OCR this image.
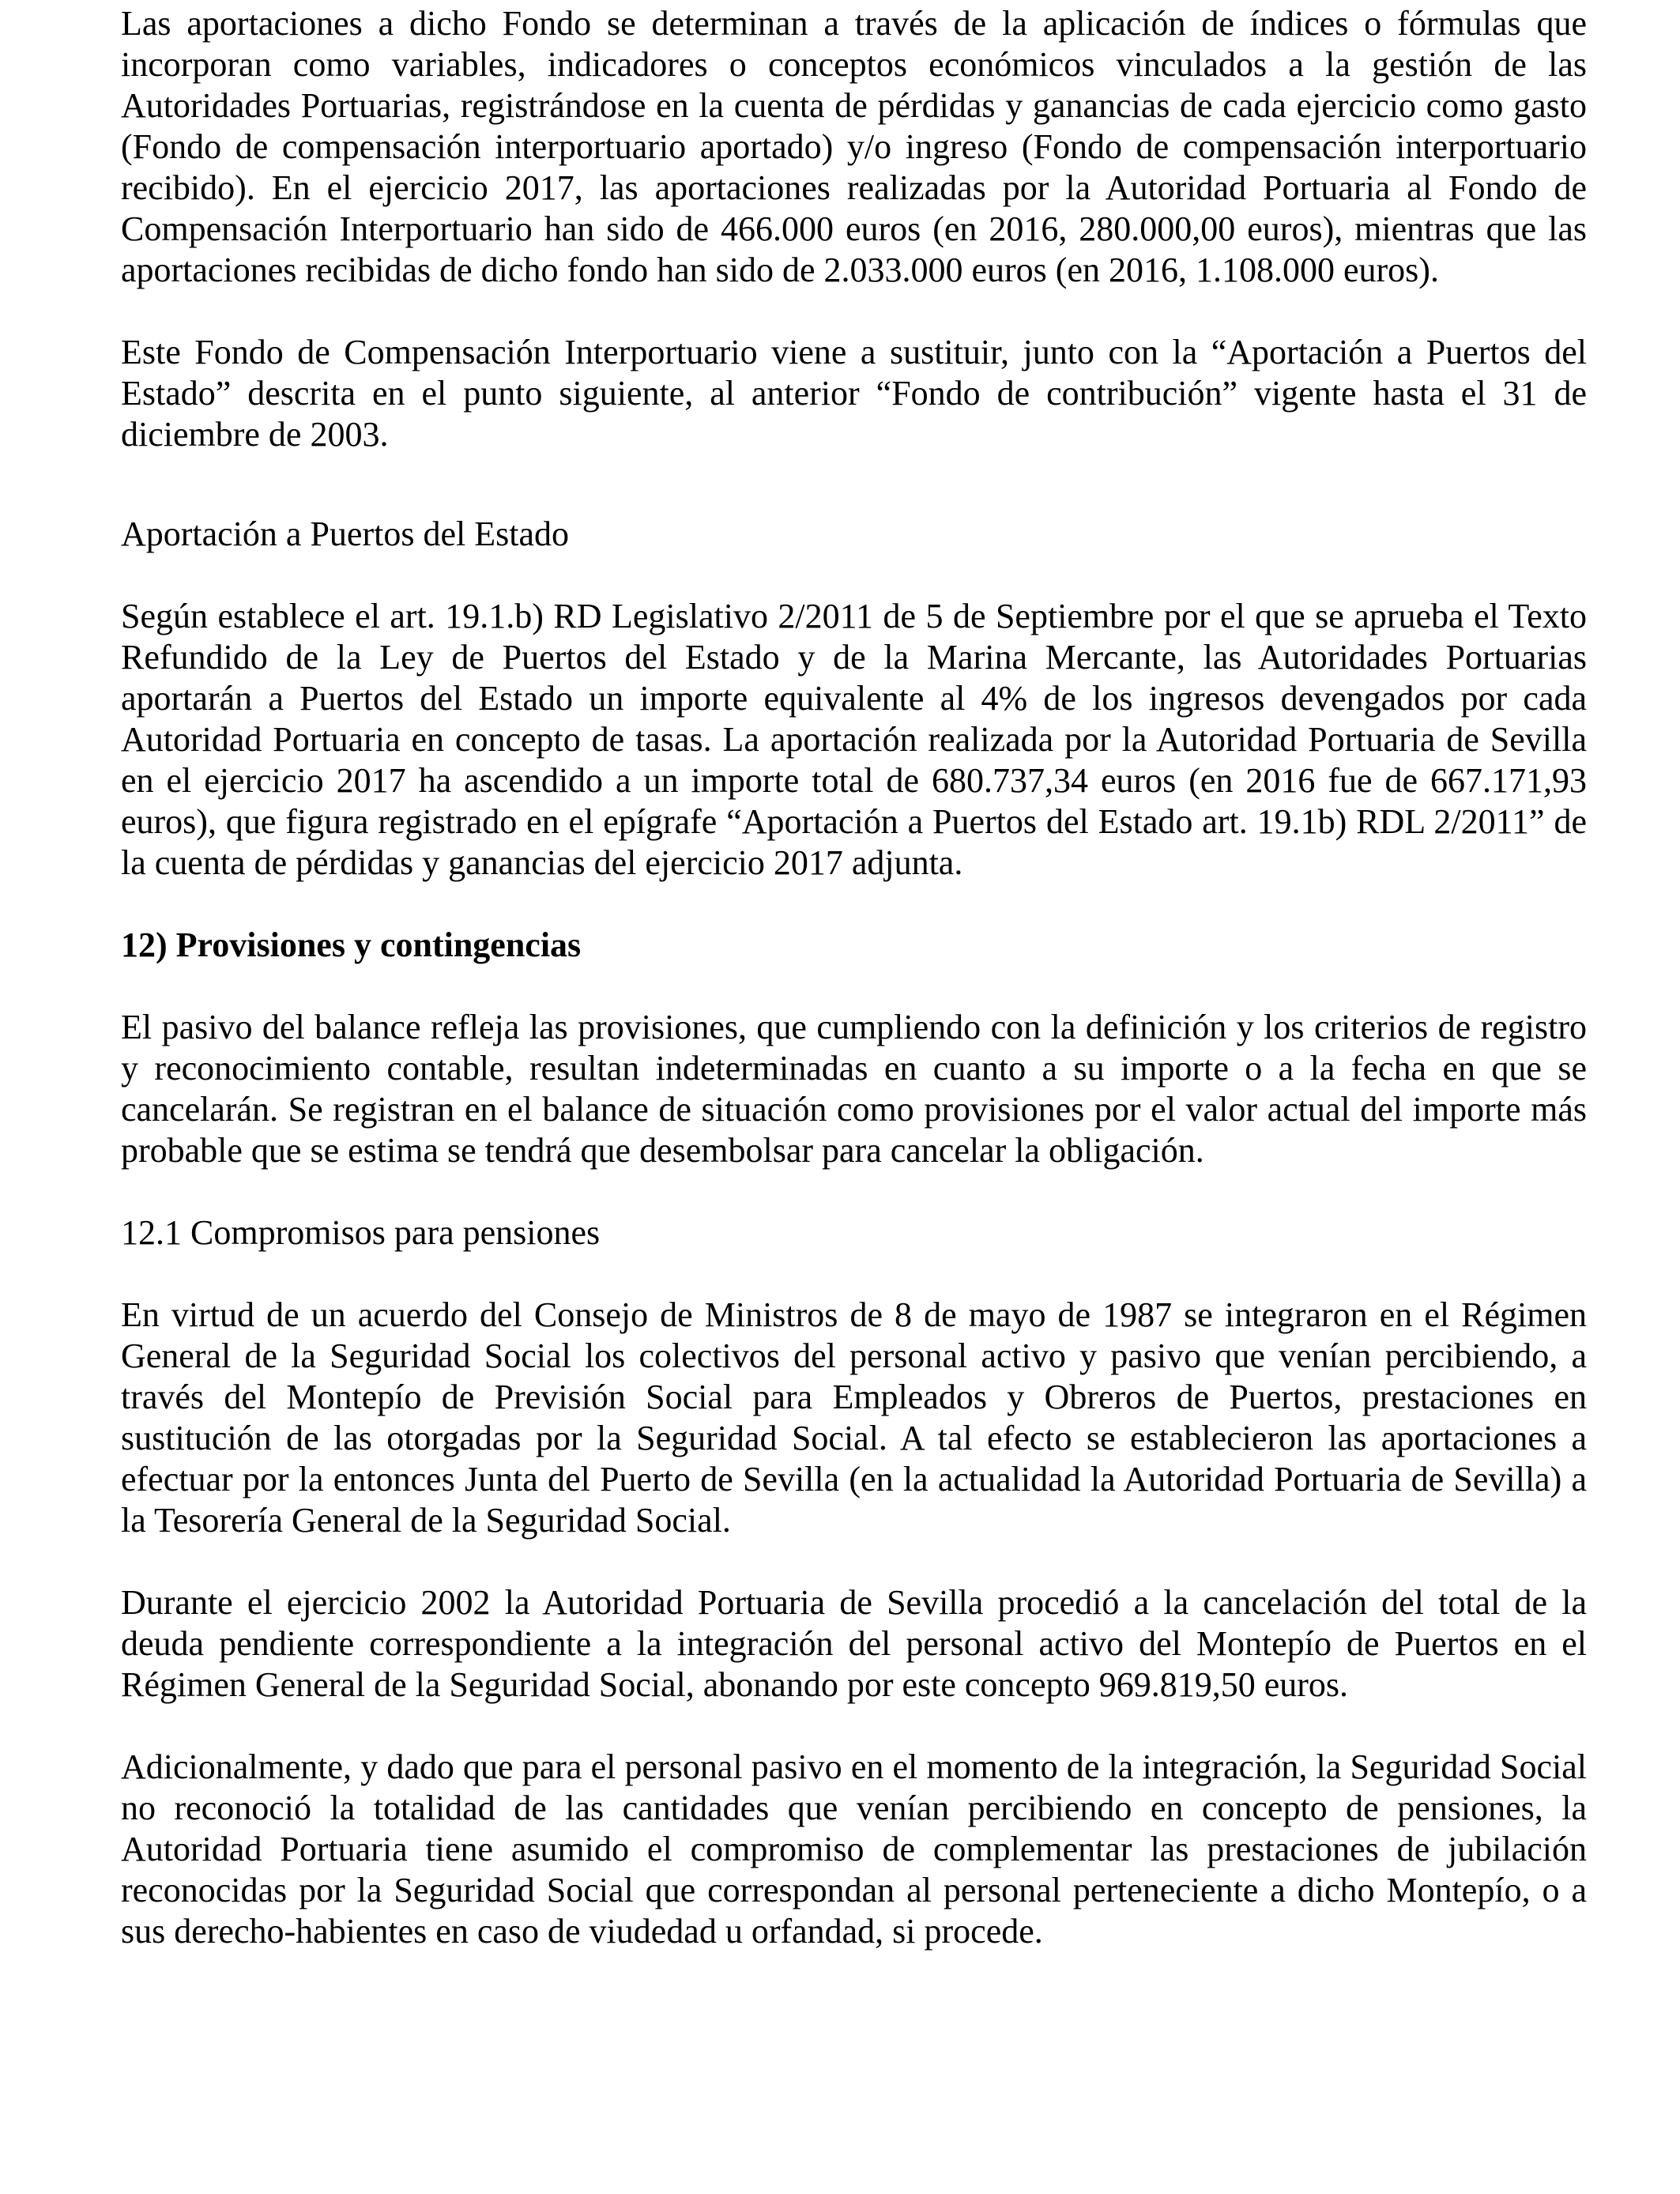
Las aportaciones a dicho Fondo se determinan a través de la aplicación de índices o fórmulas que incorporan como variables, indicadores o conceptos económicos vinculados a la gestión de las Autoridades Portuarias, registrándose en la cuenta de pérdidas y ganancias de cada ejercicio como gasto (Fondo de compensación interportuario aportado) y/o ingreso (Fondo de compensación interportuario recibido). En el ejercicio 2017, las aportaciones realizadas por la Autoridad Portuaria al Fondo de Compensación Interportuario han sido de 466.000 euros (en 2016, 280.000,00 euros), mientras que las aportaciones recibidas de dicho fondo han sido de 2.033.000 euros (en 2016, 1.108.000 euros).

Este Fondo de Compensación Interportuario viene a sustituir, junto con la “Aportación a Puertos del Estado” descrita en el punto siguiente, al anterior “Fondo de contribución” vigente hasta el 31 de diciembre de 2003.

Aportación a Puertos del Estado

Según establece el art. 19.1.b) RD Legislativo 2/2011 de 5 de Septiembre por el que se aprueba el Texto Refundido de la Ley de Puertos del Estado y de la Marina Mercante, las Autoridades Portuarias aportarán a Puertos del Estado un importe equivalente al 4% de los ingresos devengados por cada Autoridad Portuaria en concepto de tasas. La aportación realizada por la Autoridad Portuaria de Sevilla en el ejercicio 2017 ha ascendido a un importe total de 680.737,34 euros (en 2016 fue de 667.171,93 euros), que figura registrado en el epígrafe “Aportación a Puertos del Estado art. 19.1b) RDL 2/2011” de la cuenta de pérdidas y ganancias del ejercicio 2017 adjunta.

12) Provisiones y contingencias

El pasivo del balance refleja las provisiones, que cumpliendo con la definición y los criterios de registro y reconocimiento contable, resultan indeterminadas en cuanto a su importe o a la fecha en que se cancelarán. Se registran en el balance de situación como provisiones por el valor actual del importe más probable que se estima se tendrá que desembolsar para cancelar la obligación.

12.1 Compromisos para pensiones

En virtud de un acuerdo del Consejo de Ministros de 8 de mayo de 1987 se integraron en el Régimen General de la Seguridad Social los colectivos del personal activo y pasivo que venían percibiendo, a través del Montepío de Previsión Social para Empleados y Obreros de Puertos, prestaciones en sustitución de las otorgadas por la Seguridad Social. A tal efecto se establecieron las aportaciones a efectuar por la entonces Junta del Puerto de Sevilla (en la actualidad la Autoridad Portuaria de Sevilla) a la Tesorería General de la Seguridad Social.

Durante el ejercicio 2002 la Autoridad Portuaria de Sevilla procedió a la cancelación del total de la deuda pendiente correspondiente a la integración del personal activo del Montepío de Puertos en el Régimen General de la Seguridad Social, abonando por este concepto 969.819,50 euros.

Adicionalmente, y dado que para el personal pasivo en el momento de la integración, la Seguridad Social no reconoció la totalidad de las cantidades que venían percibiendo en concepto de pensiones, la Autoridad Portuaria tiene asumido el compromiso de complementar las prestaciones de jubilación reconocidas por la Seguridad Social que correspondan al personal perteneciente a dicho Montepío, o a sus derecho-habientes en caso de viudedad u orfandad, si procede.
